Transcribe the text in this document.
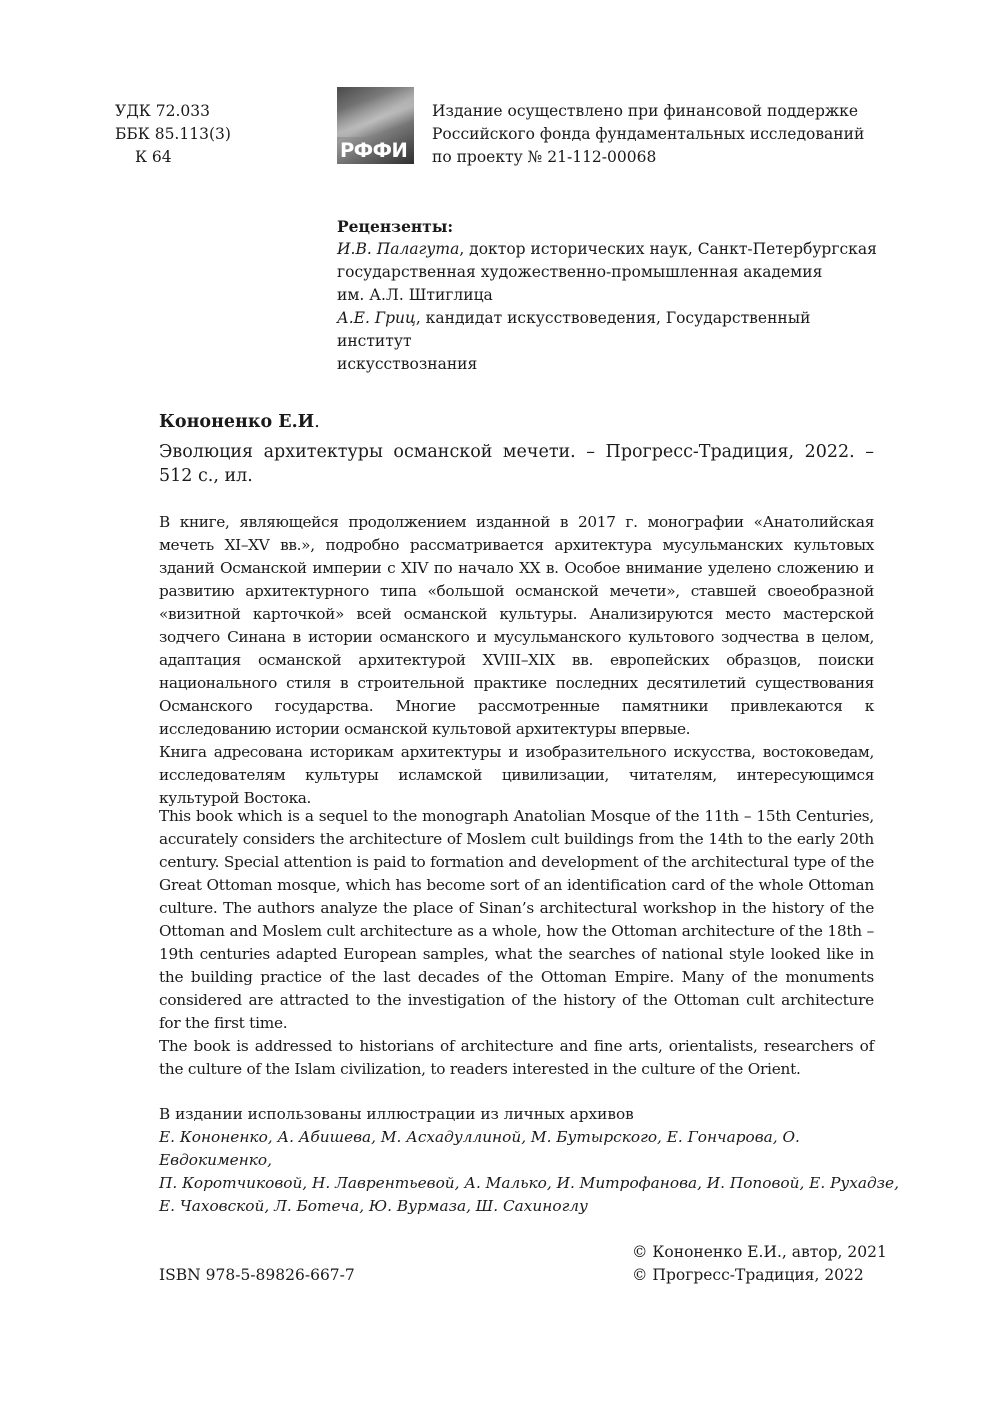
УДК 72.033
ББК 85.113(3)
К 64	РФФИ
Издание осуществлено при финансовой поддержке
Российского фонда фундаментальных исследований
по проекту № 21-112-00068
Рецензенты:
И.В. Палагута, доктор исторических наук, Санкт-Петербургская
государственная художественно-промышленная академия
им. А.Л. Штиглица
А.Е. Гриц, кандидат искусствоведения, Государственный институт
искусствознания
Кононенко Е.И.
Эволюция архитектуры османской мечети. – Прогресс-Традиция, 2022. – 512 с., ил.

В книге, являющейся продолжением изданной в 2017 г. монографии «Анатолийская мечеть XI–XV вв.», подробно рассматривается архитектура мусульманских культовых зданий Османской империи с XIV по начало XX в. Особое внимание уделено сложению и развитию архитектурного типа «большой османской мечети», ставшей своеобразной «визитной карточкой» всей османской культуры. Анализируются место мастерской зодчего Синана в истории османского и мусульманского культового зодчества в целом, адаптация османской архитектурой XVIII–XIX вв. европейских образцов, поиски национального стиля в строительной практике последних десятилетий существования Османского государства. Многие рассмотренные памятники привлекаются к исследованию истории османской культовой архитектуры впервые.

Книга адресована историкам архитектуры и изобразительного искусства, востоковедам, исследователям культуры исламской цивилизации, читателям, интересующимся культурой Востока.

This book which is a sequel to the monograph Anatolian Mosque of the 11th – 15th Centuries, accurately considers the architecture of Moslem cult buildings from the 14th to the early 20th century. Special attention is paid to formation and development of the architectural type of the Great Ottoman mosque, which has become sort of an identification card of the whole Ottoman culture. The authors analyze the place of Sinan’s architectural workshop in the history of the Ottoman and Moslem cult architecture as a whole, how the Ottoman architecture of the 18th – 19th centuries adapted European samples, what the searches of national style looked like in the building practice of the last decades of the Ottoman Empire. Many of the monuments considered are attracted to the investigation of the history of the Ottoman cult architecture for the first time.

The book is addressed to historians of architecture and fine arts, orientalists, researchers of the culture of the Islam civilization, to readers interested in the culture of the Orient.

В издании использованы иллюстрации из личных архивов
Е. Кононенко, А. Абишева, М. Асхадуллиной, М. Бутырского, Е. Гончарова, О. Евдокименко,
П. Коротчиковой, Н. Лаврентьевой, А. Малько, И. Митрофанова, И. Поповой, Е. Рухадзе,
Е. Чаховской, Л. Ботеча, Ю. Вурмаза, Ш. Сахиноглу
ISBN 978-5-89826-667-7
© Кононенко Е.И., автор, 2021
© Прогресс-Традиция, 2022
